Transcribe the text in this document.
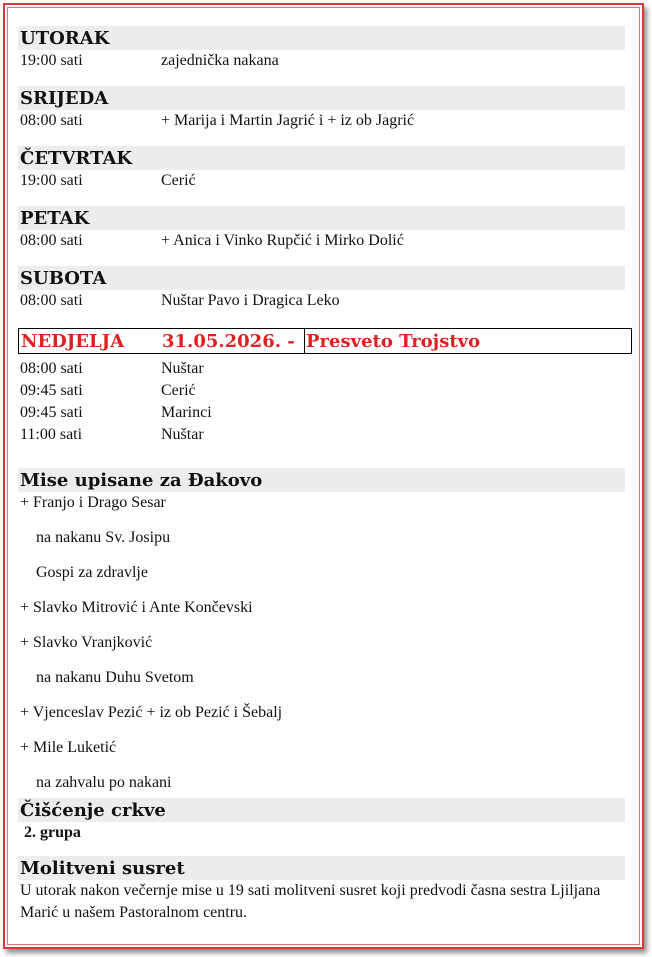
UTORAK
19:00 sati	zajednička nakana
SRIJEDA
08:00 sati	+ Marija i Martin Jagrić i + iz ob Jagrić
ČETVRTAK
19:00 sati	Cerić
PETAK
08:00 sati	+ Anica i Vinko Rupčić i Mirko Dolić
SUBOTA
08:00 sati	Nuštar Pavo i Dragica Leko
NEDJELJA 31.05.2026. - Presveto Trojstvo
08:00 sati	Nuštar
09:45 sati	Cerić
09:45 sati	Marinci
11:00 sati	Nuštar
Mise upisane za Đakovo
+ Franjo i Drago Sesar
na nakanu Sv. Josipu
Gospi za zdravlje
+ Slavko Mitrović i Ante Končevski
+ Slavko Vranjković
na nakanu Duhu Svetom
+ Vjenceslav Pezić + iz ob Pezić i Šebalj
+ Mile Luketić
na zahvalu po nakani
Čišćenje crkve
2. grupa
Molitveni susret
U utorak nakon večernje mise u 19 sati molitveni susret koji predvodi časna sestra Ljiljana Marić u našem Pastoralnom centru.
